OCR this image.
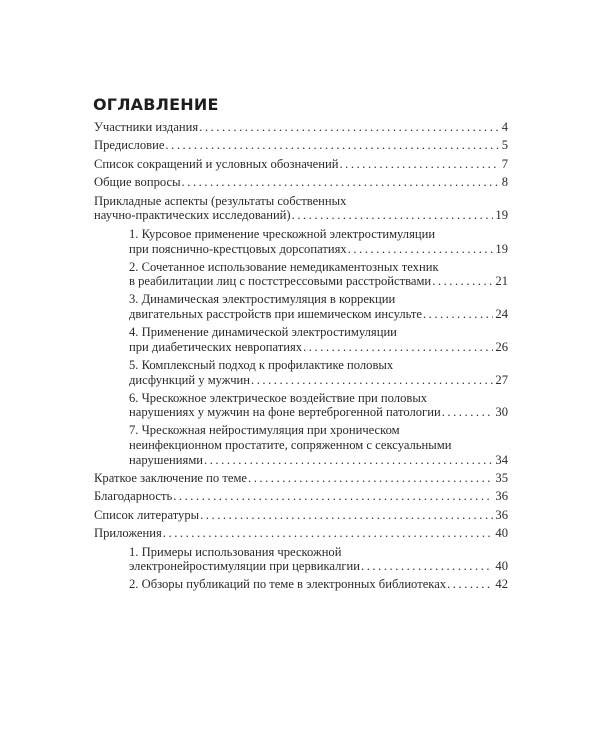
ОГЛАВЛЕНИЕ
Участники издания . . .	4
Предисловие . . .	5
Список сокращений и условных обозначений . . .	7
Общие вопросы . . .	8
Прикладные аспекты (результаты собственных
научно-практических исследований) . . .	19
1. Курсовое применение чрескожной электростимуляции
при пояснично-крестцовых дорсопатиях . . .	19
2. Сочетанное использование немедикаментозных техник
в реабилитации лиц с постстрессовыми расстройствами . . .	21
3. Динамическая электростимуляция в коррекции
двигательных расстройств при ишемическом инсульте . . .	24
4. Применение динамической электростимуляции
при диабетических невропатиях . . .	26
5. Комплексный подход к профилактике половых
дисфункций у мужчин . . .	27
6. Чрескожное электрическое воздействие при половых
нарушениях у мужчин на фоне вертеброгенной патологии . . .	30
7. Чрескожная нейростимуляция при хроническом
неинфекционном простатите, сопряженном с сексуальными
нарушениями . . .	34
Краткое заключение по теме . . .	35
Благодарность . . .	36
Список литературы . . .	36
Приложения . . .	40
1. Примеры использования чрескожной
электронейростимуляции при цервикалгии . . .	40
2. Обзоры публикаций по теме в электронных библиотеках . . .	42
